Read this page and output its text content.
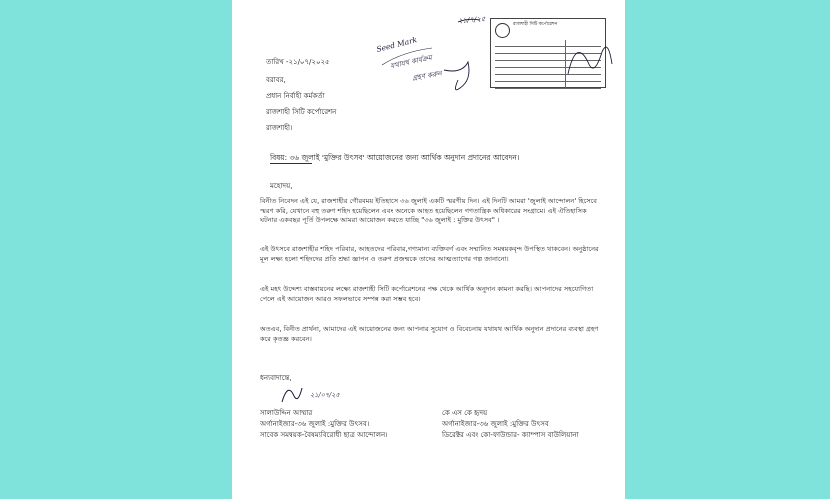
Seed Mark
যথাযথ কার্যক্রম
গ্রহণ করুন
২১/৭/২৫	রাজশাহী সিটি কর্পোরেশন
তারিখ -২১/০৭/২০২৫
বরাবর,
প্রধান নির্বাহী কর্মকর্তা
রাজশাহী সিটি কর্পোরেশন
রাজশাহী।
বিষয়: ৩৬ জুলাই 'মুক্তির উৎসব' আয়োজনের জন্য আর্থিক অনুদান প্রদানের আবেদন।
মহোদয়,
বিনীত নিবেদন এই যে, রাজশাহীর গৌরবময় ইতিহাসে ৩৬ জুলাই একটি স্মরণীয় দিন। এই দিনটি আমরা 'জুলাই আন্দোলন' হিসেবে স্মরণ করি, যেখানে বহু তরুণ শহিদ হয়েছিলেন এবং অনেকে আহত হয়েছিলেন গণতান্ত্রিক অধিকারের সংগ্রামে। এই ঐতিহাসিক ঘটনার একবছর পূর্তি উপলক্ষে আমরা আয়োজন করতে যাচ্ছি "৩৬ জুলাই : মুক্তির উৎসব" ।
এই উৎসবে রাজশাহীর শহিদ পরিবার, আহতদের পরিবার,গণ্যমান্য ব্যক্তিবর্গ এবং সম্মানিত সমন্বয়কবৃন্দ উপস্থিত থাকবেন। অনুষ্ঠানের মূল লক্ষ্য হলো শহিদদের প্রতি শ্রদ্ধা জ্ঞাপন ও তরুণ প্রজন্মকে তাদের আত্মত্যাগের গল্প জানানো।
এই মহৎ উদ্দেশ্য বাস্তবায়নের লক্ষ্যে রাজশাহী সিটি কর্পোরেশনের পক্ষ থেকে আর্থিক অনুদান কামনা করছি। আপনাদের সহযোগিতা পেলে এই আয়োজন আরও সফলভাবে সম্পন্ন করা সম্ভব হবে।
অতএব, বিনীত প্রার্থনা, আমাদের এই আয়োজনের জন্য আপনার সুযোগ ও বিবেচনায় যথাযথ আর্থিক অনুদান প্রদানের ব্যবস্থা গ্রহণ করে কৃতজ্ঞ করবেন।
ধন্যবাদান্তে,
২১/০৭/২৫
সালাউদ্দিন আম্মার
অর্গানাইজার-৩৬ জুলাই :মুক্তির উৎসব।
সাবেক সমন্বয়ক-বৈষম্যবিরোধী ছাত্র আন্দোলন।
কে এস কে হৃদয়
অর্গানাইজার-৩৬ জুলাই :মুক্তির উৎসব
ডিরেক্টর এবং কো-ফাউন্ডার- ক্যাম্পাস বাউলিয়ানা
